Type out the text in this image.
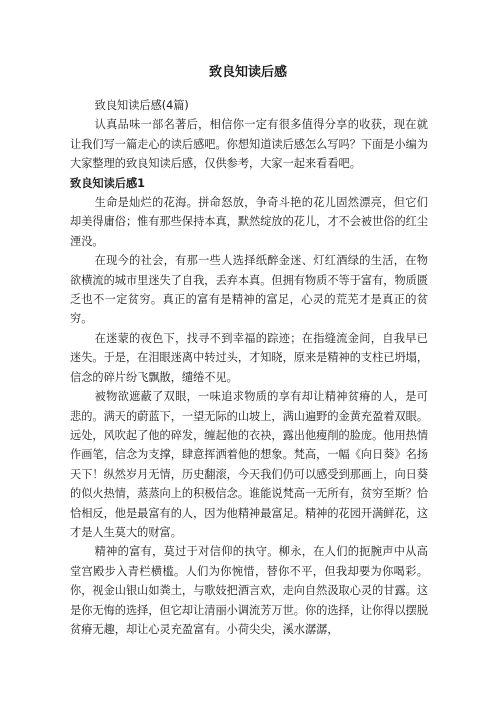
致良知读后感

致良知读后感(4篇)

认真品味一部名著后，相信你一定有很多值得分享的收获，现在就让我们写一篇走心的读后感吧。你想知道读后感怎么写吗？下面是小编为大家整理的致良知读后感，仅供参考，大家一起来看看吧。

致良知读后感1

生命是灿烂的花海。拼命怒放，争奇斗艳的花儿固然漂亮，但它们却美得庸俗；惟有那些保持本真，默然绽放的花儿，才不会被世俗的红尘湮没。

在现今的社会，有那一些人选择纸醉金迷、灯红酒绿的生活，在物欲横流的城市里迷失了自我，丢弃本真。但拥有物质不等于富有，物质匮乏也不一定贫穷。真正的富有是精神的富足，心灵的荒芜才是真正的贫穷。

在迷蒙的夜色下，找寻不到幸福的踪迹；在指缝流金间，自我早已迷失。于是，在泪眼迷离中转过头，才知晓，原来是精神的支柱已坍塌，信念的碎片纷飞飘散，缱绻不见。

被物欲遮蔽了双眼，一味追求物质的享有却让精神贫瘠的人，是可悲的。满天的蔚蓝下，一望无际的山坡上，满山遍野的金黄充盈着双眼。远处，风吹起了他的碎发，缠起他的衣袂，露出他瘦削的脸庞。他用热情作画笔，信念为支撑，肆意挥洒着他的想象。梵高，一幅《向日葵》名扬天下！纵然岁月无情，历史翻滚，今天我们仍可以感受到那画上，向日葵的似火热情，蒸蒸向上的积极信念。谁能说梵高一无所有，贫穷至斯？恰恰相反，他是最富有的人，因为他精神最富足。精神的花园开满鲜花，这才是人生莫大的财富。

精神的富有，莫过于对信仰的执守。柳永，在人们的扼腕声中从高堂宫殿步入青栏横槛。人们为你惋惜，替你不平，但我却要为你喝彩。你，视金山银山如粪土，与歌妓把酒言欢，走向自然汲取心灵的甘露。这是你无悔的选择，但它却让清丽小调流芳万世。你的选择，让你得以摆脱贫瘠无趣，却让心灵充盈富有。小荷尖尖，溪水潺潺，
